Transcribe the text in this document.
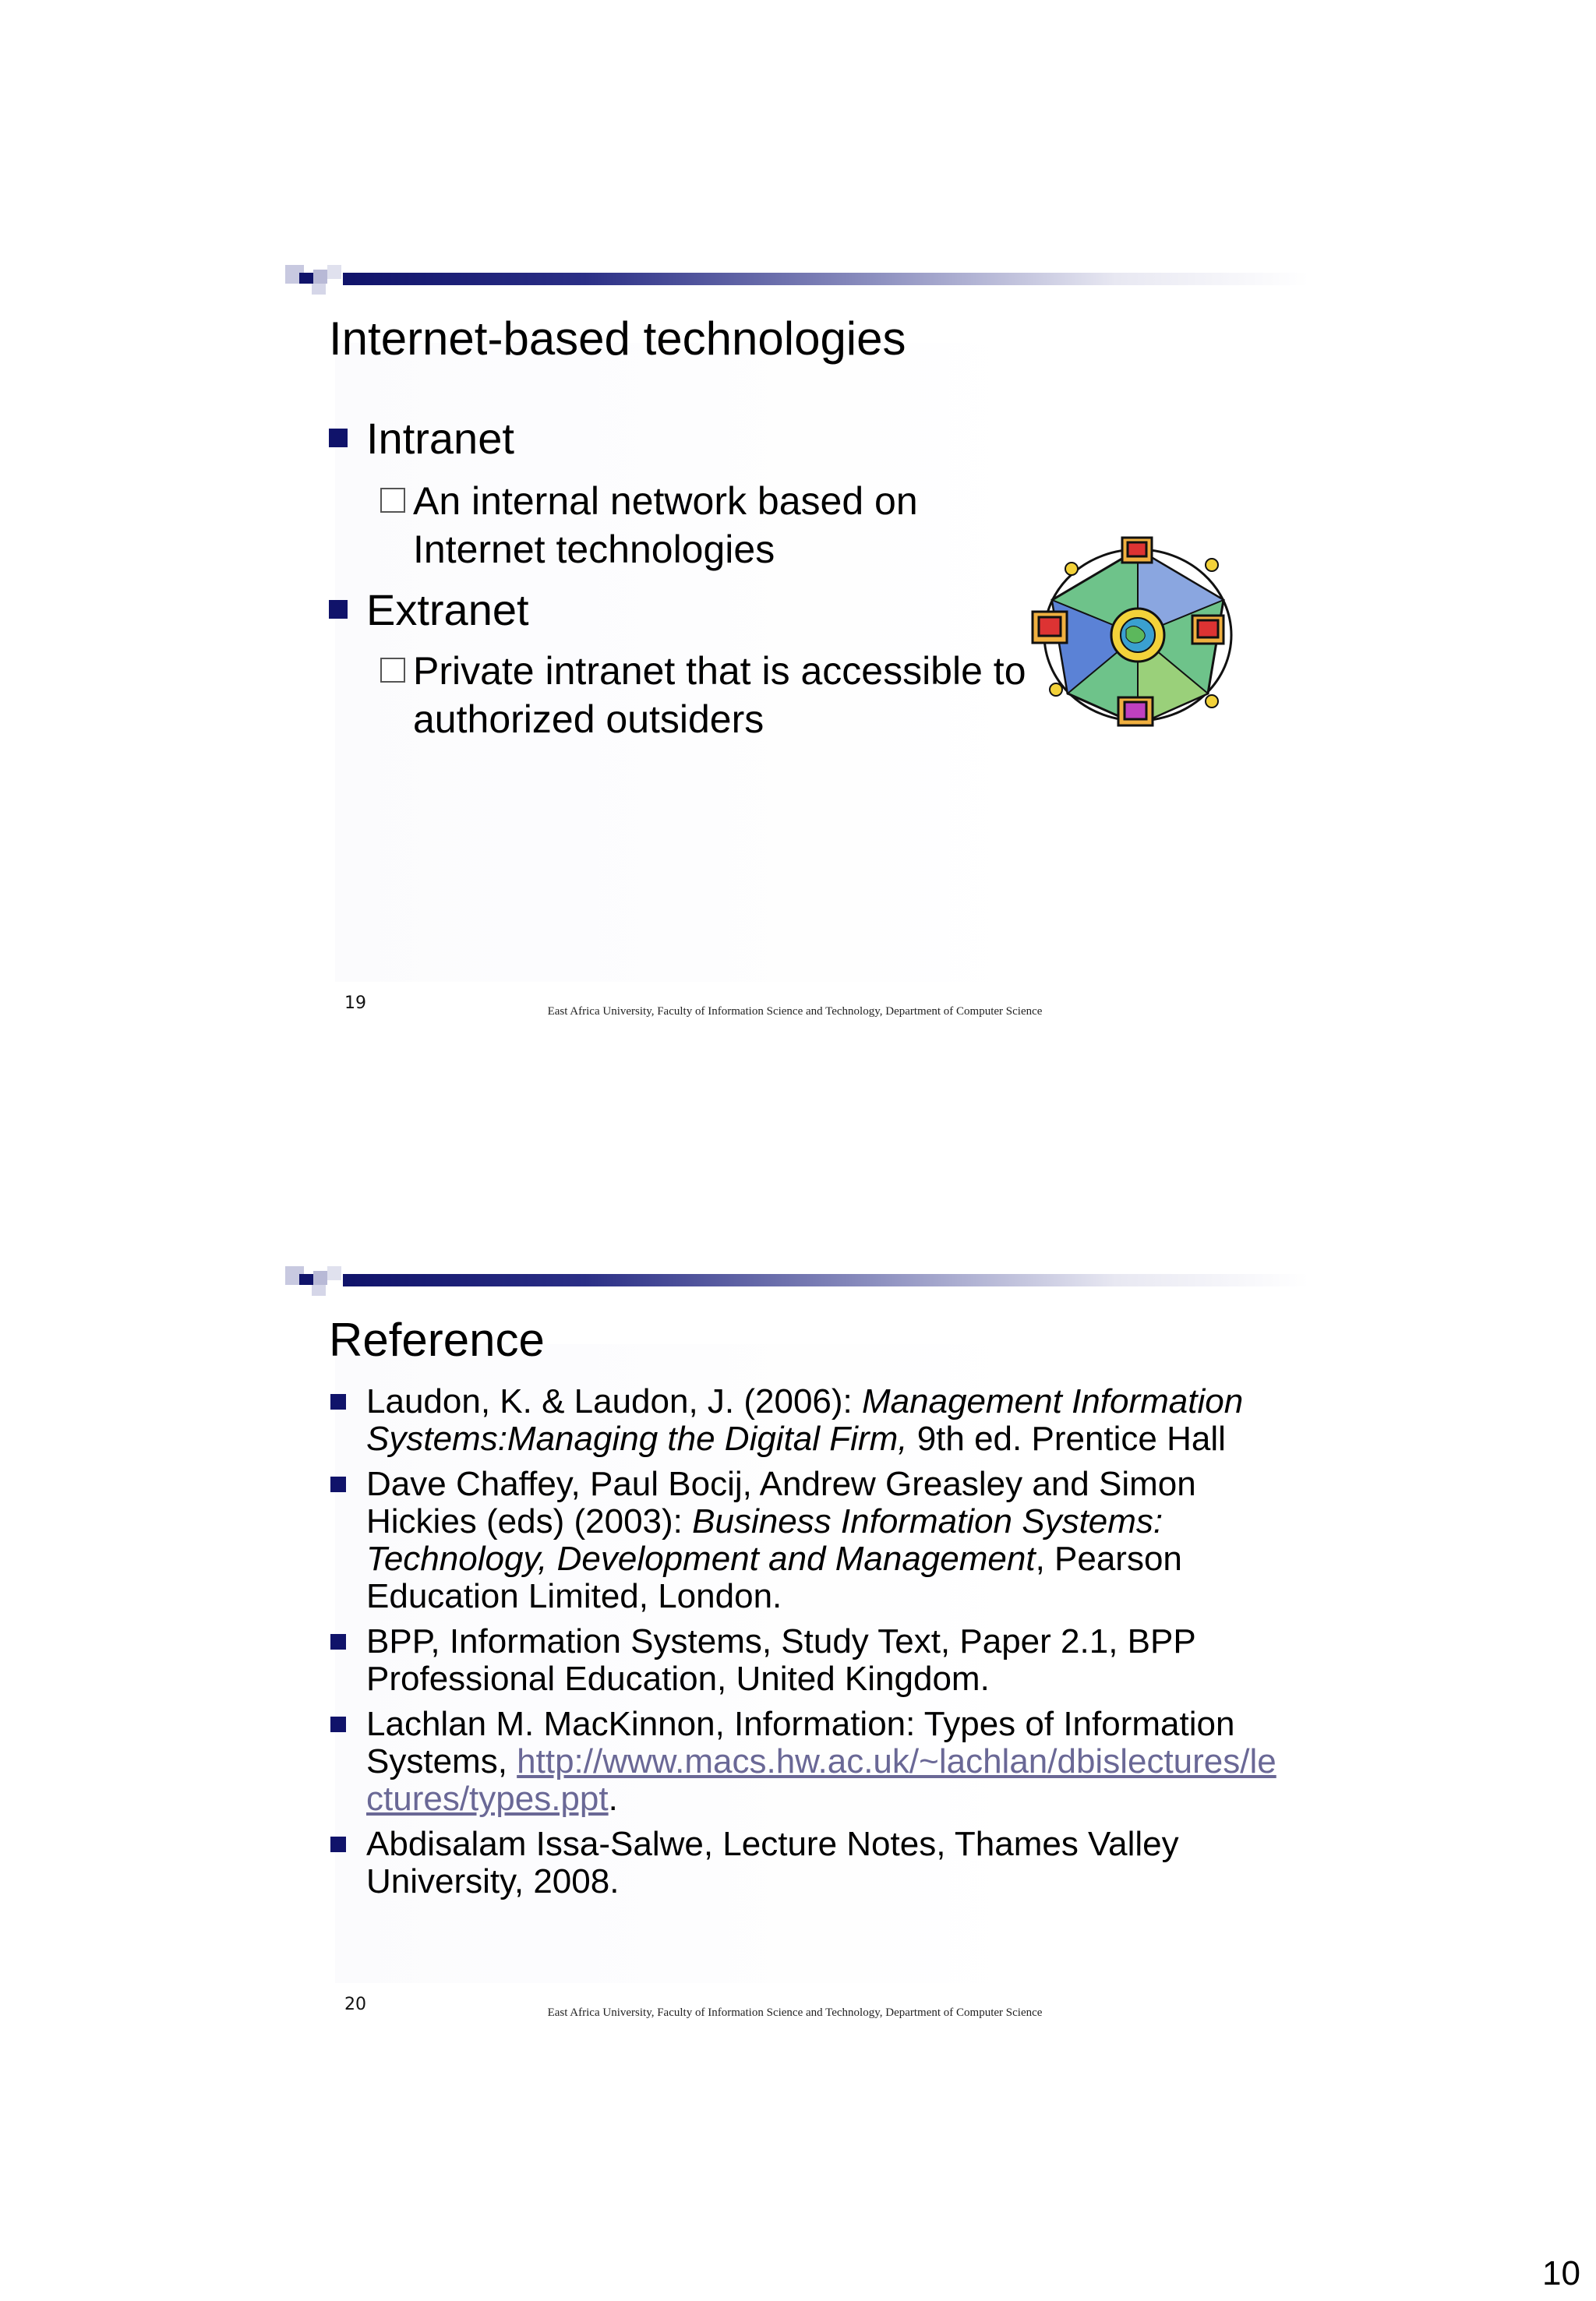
Internet-based technologies
Intranet
An internal network based on Internet technologies
Extranet
Private intranet that is accessible to authorized outsiders
19	East Africa University, Faculty of Information Science and Technology, Department of Computer Science
Reference
Laudon, K. & Laudon, J. (2006): Management Information Systems:Managing the Digital Firm, 9th ed. Prentice Hall
Dave Chaffey, Paul Bocij, Andrew Greasley and Simon Hickies (eds) (2003): Business Information Systems: Technology, Development and Management, Pearson Education Limited, London.
BPP, Information Systems, Study Text, Paper 2.1, BPP Professional Education, United Kingdom.
Lachlan M. MacKinnon, Information: Types of Information Systems, http://www.macs.hw.ac.uk/~lachlan/dbislectures/lectures/types.ppt.
Abdisalam Issa-Salwe, Lecture Notes, Thames Valley University, 2008.
20	East Africa University, Faculty of Information Science and Technology, Department of Computer Science
10
